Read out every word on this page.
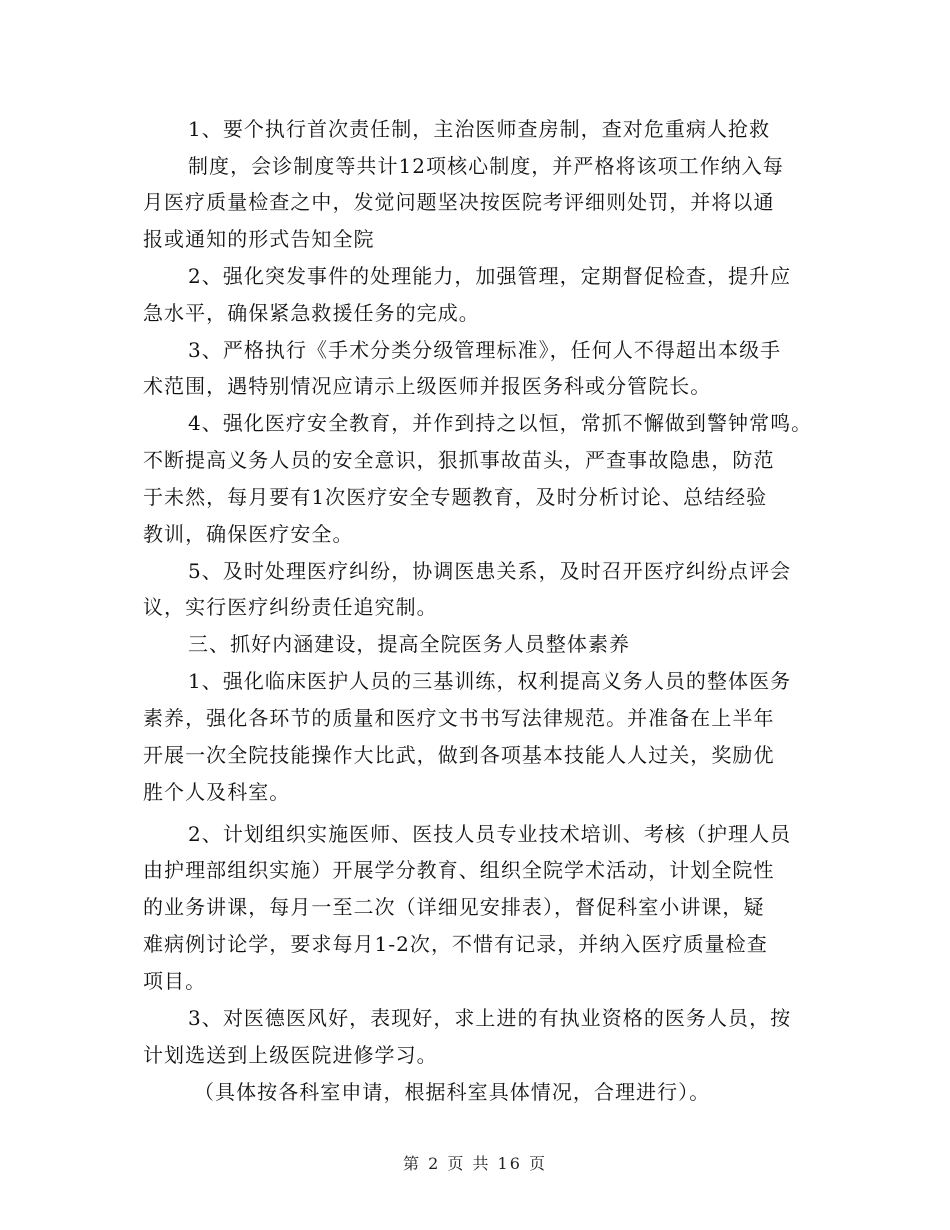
1、要个执行首次责任制，主治医师查房制，查对危重病人抢救
制度，会诊制度等共计12项核心制度，并严格将该项工作纳入每
月医疗质量检查之中，发觉问题坚决按医院考评细则处罚，并将以通
报或通知的形式告知全院
2、强化突发事件的处理能力，加强管理，定期督促检查，提升应
急水平，确保紧急救援任务的完成。
3、严格执行《手术分类分级管理标准》，任何人不得超出本级手
术范围，遇特别情况应请示上级医师并报医务科或分管院长。
4、强化医疗安全教育，并作到持之以恒，常抓不懈做到警钟常鸣。
不断提高义务人员的安全意识，狠抓事故苗头，严查事故隐患，防范
于未然，每月要有1次医疗安全专题教育，及时分析讨论、总结经验
教训，确保医疗安全。
5、及时处理医疗纠纷，协调医患关系，及时召开医疗纠纷点评会
议，实行医疗纠纷责任追究制。
三、抓好内涵建设，提高全院医务人员整体素养
1、强化临床医护人员的三基训练，权利提高义务人员的整体医务
素养，强化各环节的质量和医疗文书书写法律规范。并准备在上半年
开展一次全院技能操作大比武，做到各项基本技能人人过关，奖励优
胜个人及科室。
2、计划组织实施医师、医技人员专业技术培训、考核（护理人员
由护理部组织实施）开展学分教育、组织全院学术活动，计划全院性
的业务讲课，每月一至二次（详细见安排表），督促科室小讲课，疑
难病例讨论学，要求每月1-2次，不惜有记录，并纳入医疗质量检查
项目。
3、对医德医风好，表现好，求上进的有执业资格的医务人员，按
计划选送到上级医院进修学习。
（具体按各科室申请，根据科室具体情况，合理进行）。
第 2 页 共 16 页
